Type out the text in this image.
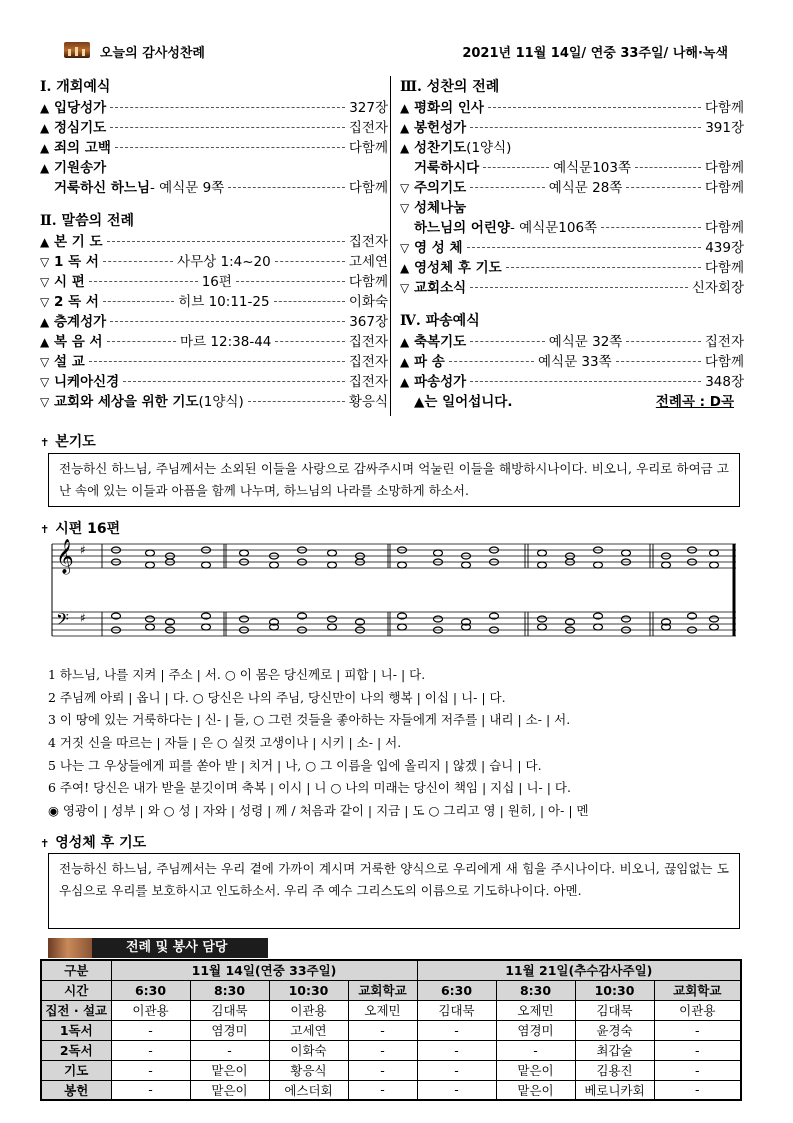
오늘의 감사성찬례	2021년 11월 14일/ 연중 33주일/ 나해·녹색
Ⅰ. 개회예식
▲ 입당성가	327장
▲ 정심기도	집전자
▲ 죄의 고백	다함께
▲ 기원송가
거룩하신 하느님 - 예식문 9쪽	다함께
Ⅱ. 말씀의 전례
▲ 본 기 도	집전자
▽ 1 독 서	사무상 1:4~20	고세연
▽ 시 편	16편	다함께
▽ 2 독 서	히브 10:11-25	이화숙
▲ 층계성가	367장
▲ 복 음 서	마르 12:38-44	집전자
▽ 설 교	집전자
▽ 니케아신경	집전자
▽ 교회와 세상을 위한 기도 (1양식)	황응식
Ⅲ. 성찬의 전례
▲ 평화의 인사	다함께
▲ 봉헌성가	391장
▲ 성찬기도 (1양식)
거룩하시다	예식문103쪽	다함께
▽ 주의기도	예식문 28쪽	다함께
▽ 성체나눔
하느님의 어린양 - 예식문106쪽	다함께
▽ 영 성 체	439장
▲ 영성체 후 기도	다함께
▽ 교회소식	신자회장
Ⅳ. 파송예식
▲ 축복기도	예식문 32쪽	집전자
▲ 파 송	예식문 33쪽	다함께
▲ 파송성가	348장
▲는 일어섭니다.	전례곡 : D곡
✝ 본기도
전능하신 하느님, 주님께서는 소외된 이들을 사랑으로 감싸주시며 억눌린 이들을 해방하시나이다. 비오니, 우리로 하여금 고난 속에 있는 이들과 아픔을 함께 나누며, 하느님의 나라를 소망하게 하소서.
✝ 시편 16편
𝄞 ♯
𝄢 ♯
1 하느님, 나를 지켜 | 주소 | 서. ○ 이 몸은 당신께로 | 피합 | 니- | 다.
2 주님께 아뢰 | 옵니 | 다. ○ 당신은 나의 주님, 당신만이 나의 행복 | 이십 | 니- | 다.
3 이 땅에 있는 거룩하다는 | 신- | 들, ○ 그런 것들을 좋아하는 자들에게 저주를 | 내리 | 소- | 서.
4 거짓 신을 따르는 | 자들 | 은 ○ 실컷 고생이나 | 시키 | 소- | 서.
5 나는 그 우상들에게 피를 쏟아 받 | 치거 | 나, ○ 그 이름을 입에 올리지 | 않겠 | 습니 | 다.
6 주여! 당신은 내가 받을 분깃이며 축복 | 이시 | 니 ○ 나의 미래는 당신이 책임 | 지십 | 니- | 다.
◉ 영광이 | 성부 | 와 ○ 성 | 자와 | 성령 | 께 / 처음과 같이 | 지금 | 도 ○ 그리고 영 | 원히, | 아- | 멘
✝ 영성체 후 기도
전능하신 하느님, 주님께서는 우리 곁에 가까이 계시며 거룩한 양식으로 우리에게 새 힘을 주시나이다. 비오니, 끊임없는 도우심으로 우리를 보호하시고 인도하소서. 우리 주 예수 그리스도의 이름으로 기도하나이다. 아멘.
전례 및 봉사 담당
구분	11월 14일(연중 33주일)				11월 21일(추수감사주일)			
시간	6:30	8:30	10:30	교회학교	6:30	8:30	10:30	교회학교
집전 · 설교	이관용	김대묵	이관용	오제민	김대묵	오제민	김대묵	이관용
1독서	-	염경미	고세연	-	-	염경미	윤경숙	-
2독서	-	-	이화숙	-	-	-	최갑술	-
기도	-	맡은이	황응식	-	-	맡은이	김용진	-
봉헌	-	맡은이	에스더회	-	-	맡은이	베로니카회	-
